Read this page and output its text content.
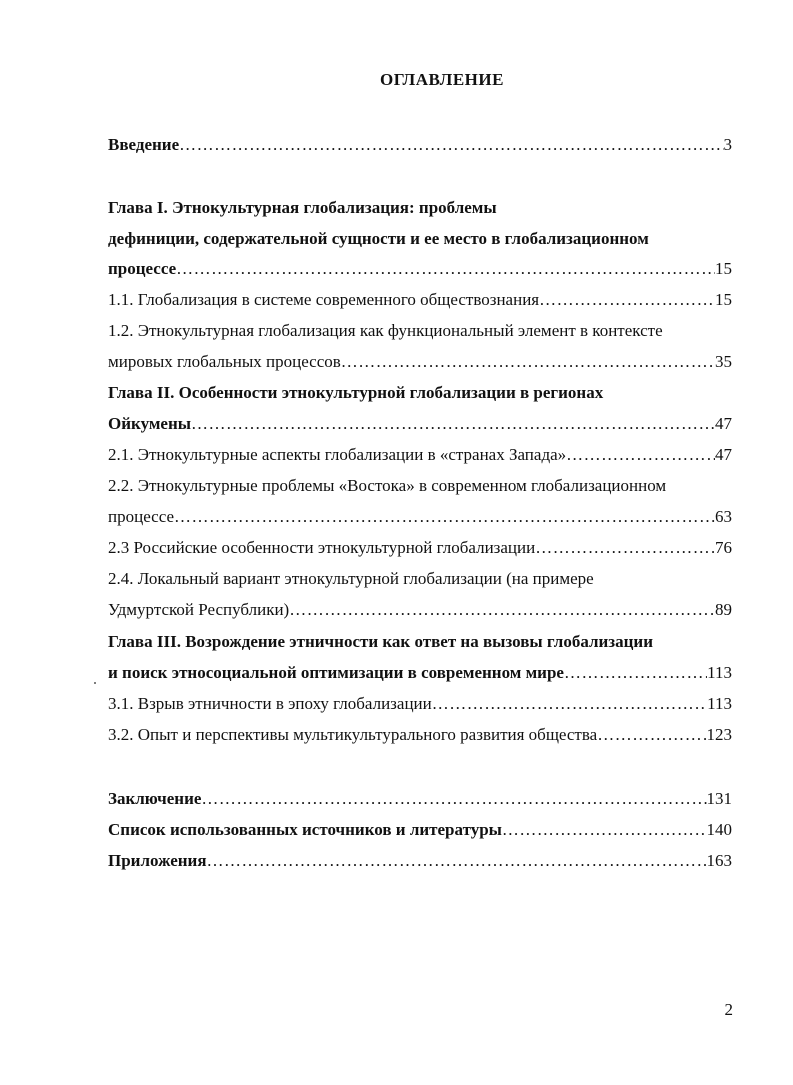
ОГЛАВЛЕНИЕ
Введение ………………………………………………………………………………………………………………………………………………………………………………………………	3
Глава I. Этнокультурная глобализация: проблемы
дефиниции, содержательной сущности и ее место в глобализационном
процессе ………………………………………………………………………………………………………………………………………………………………………………………………	15
1.1. Глобализация в системе современного обществознания ………………………………………………………………………………………………………………………………………………………………………………………………	15
1.2. Этнокультурная глобализация как функциональный элемент в контексте
мировых глобальных процессов ………………………………………………………………………………………………………………………………………………………………………………………………	35
Глава II. Особенности этнокультурной глобализации в регионах
Ойкумены ………………………………………………………………………………………………………………………………………………………………………………………………	47
2.1. Этнокультурные аспекты глобализации в «странах Запада» ………………………………………………………………………………………………………………………………………………………………………………………………	47
2.2. Этнокультурные проблемы «Востока» в современном глобализационном
процессе ………………………………………………………………………………………………………………………………………………………………………………………………	63
2.3 Российские особенности этнокультурной глобализации ………………………………………………………………………………………………………………………………………………………………………………………………	76
2.4. Локальный вариант этнокультурной глобализации (на примере
Удмуртской Республики) ………………………………………………………………………………………………………………………………………………………………………………………………	89
Глава III. Возрождение этничности как ответ на вызовы глобализации
и поиск этносоциальной оптимизации в современном мире ………………………………………………………………………………………………………………………………………………………………………………………………	113
3.1. Взрыв этничности в эпоху глобализации ………………………………………………………………………………………………………………………………………………………………………………………………	113
3.2. Опыт и перспективы мультикультурального развития общества ………………………………………………………………………………………………………………………………………………………………………………………………	123
Заключение ………………………………………………………………………………………………………………………………………………………………………………………………	131
Список использованных источников и литературы ………………………………………………………………………………………………………………………………………………………………………………………………	140
Приложения ………………………………………………………………………………………………………………………………………………………………………………………………	163
2
